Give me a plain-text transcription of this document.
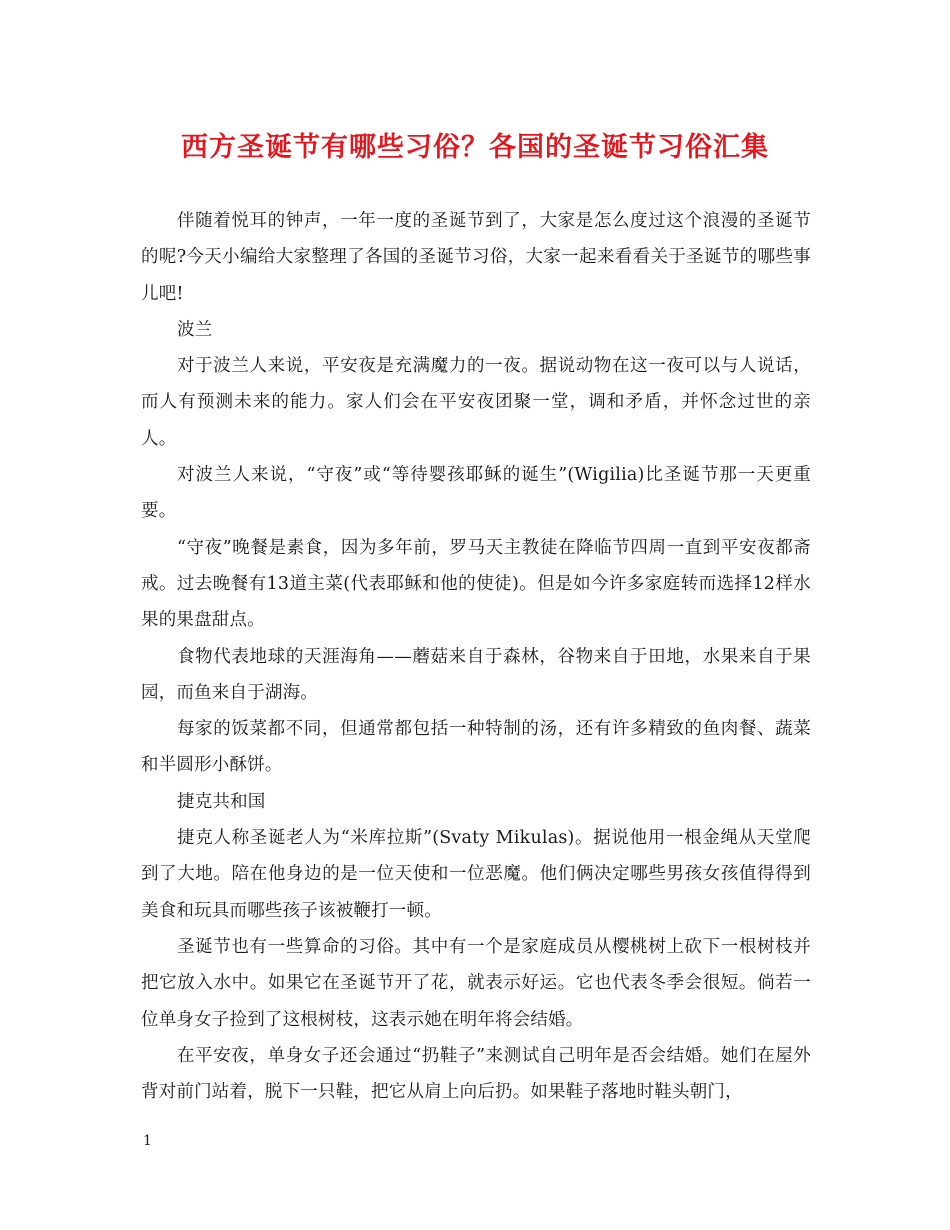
西方圣诞节有哪些习俗？各国的圣诞节习俗汇集

伴随着悦耳的钟声，一年一度的圣诞节到了，大家是怎么度过这个浪漫的圣诞节的呢?今天小编给大家整理了各国的圣诞节习俗，大家一起来看看关于圣诞节的哪些事儿吧!

波兰

对于波兰人来说，平安夜是充满魔力的一夜。据说动物在这一夜可以与人说话，而人有预测未来的能力。家人们会在平安夜团聚一堂，调和矛盾，并怀念过世的亲人。

对波兰人来说，“守夜”或“等待婴孩耶稣的诞生”(Wigilia)比圣诞节那一天更重要。

“守夜”晚餐是素食，因为多年前，罗马天主教徒在降临节四周一直到平安夜都斋戒。过去晚餐有13道主菜(代表耶稣和他的使徒)。但是如今许多家庭转而选择12样水果的果盘甜点。

食物代表地球的天涯海角——蘑菇来自于森林，谷物来自于田地，水果来自于果园，而鱼来自于湖海。

每家的饭菜都不同，但通常都包括一种特制的汤，还有许多精致的鱼肉餐、蔬菜和半圆形小酥饼。

捷克共和国

捷克人称圣诞老人为“米库拉斯”(Svaty Mikulas)。据说他用一根金绳从天堂爬到了大地。陪在他身边的是一位天使和一位恶魔。他们俩决定哪些男孩女孩值得得到美食和玩具而哪些孩子该被鞭打一顿。

圣诞节也有一些算命的习俗。其中有一个是家庭成员从樱桃树上砍下一根树枝并把它放入水中。如果它在圣诞节开了花，就表示好运。它也代表冬季会很短。倘若一位单身女子捡到了这根树枝，这表示她在明年将会结婚。

在平安夜，单身女子还会通过“扔鞋子”来测试自己明年是否会结婚。她们在屋外背对前门站着，脱下一只鞋，把它从肩上向后扔。如果鞋子落地时鞋头朝门，

1
